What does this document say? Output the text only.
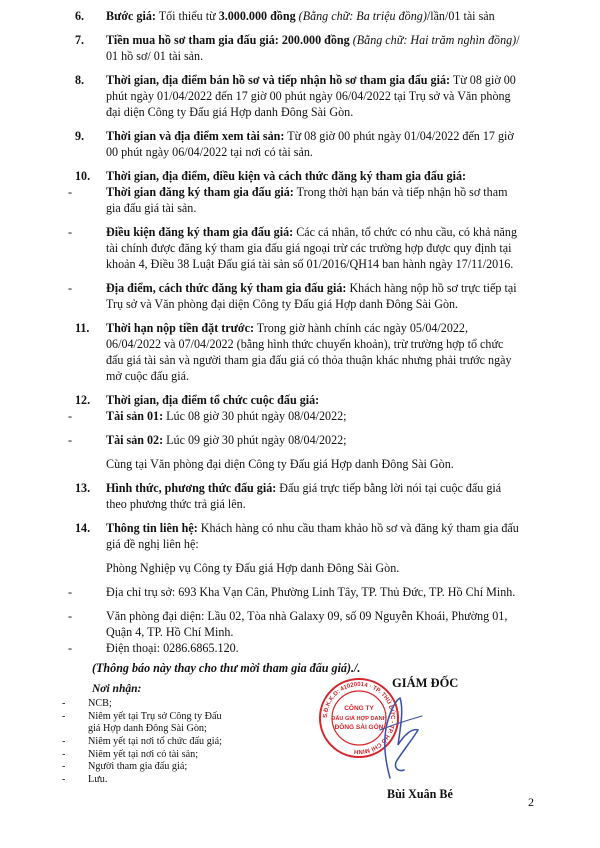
6. Bước giá: Tối thiểu từ 3.000.000 đồng (Bằng chữ: Ba triệu đồng)/lần/01 tài sản
7. Tiền mua hồ sơ tham gia đấu giá: 200.000 đồng (Bằng chữ: Hai trăm nghìn đồng)/
01 hồ sơ/ 01 tài sản.
8. Thời gian, địa điểm bán hồ sơ và tiếp nhận hồ sơ tham gia đấu giá: Từ 08 giờ 00
phút ngày 01/04/2022 đến 17 giờ 00 phút ngày 06/04/2022 tại Trụ sở và Văn phòng
đại diện Công ty Đấu giá Hợp danh Đông Sài Gòn.
9. Thời gian và địa điểm xem tài sản: Từ 08 giờ 00 phút ngày 01/04/2022 đến 17 giờ
00 phút ngày 06/04/2022 tại nơi có tài sản.
10. Thời gian, địa điểm, điều kiện và cách thức đăng ký tham gia đấu giá:
-	Thời gian đăng ký tham gia đấu giá: Trong thời hạn bán và tiếp nhận hồ sơ tham
gia đấu giá tài sản.
-	Điều kiện đăng ký tham gia đấu giá: Các cá nhân, tổ chức có nhu cầu, có khả năng
tài chính được đăng ký tham gia đấu giá ngoại trừ các trường hợp được quy định tại
khoản 4, Điều 38 Luật Đấu giá tài sản số 01/2016/QH14 ban hành ngày 17/11/2016.
-	Địa điểm, cách thức đăng ký tham gia đấu giá: Khách hàng nộp hồ sơ trực tiếp tại
Trụ sở và Văn phòng đại diện Công ty Đấu giá Hợp danh Đông Sài Gòn.
11. Thời hạn nộp tiền đặt trước: Trong giờ hành chính các ngày 05/04/2022,
06/04/2022 và 07/04/2022 (bằng hình thức chuyển khoản), trừ trường hợp tổ chức
đấu giá tài sản và người tham gia đấu giá có thỏa thuận khác nhưng phải trước ngày
mở cuộc đấu giá.
12. Thời gian, địa điểm tổ chức cuộc đấu giá:
-	Tài sản 01: Lúc 08 giờ 30 phút ngày 08/04/2022;
-	Tài sản 02: Lúc 09 giờ 30 phút ngày 08/04/2022;
Cùng tại Văn phòng đại diện Công ty Đấu giá Hợp danh Đông Sài Gòn.
13. Hình thức, phương thức đấu giá: Đấu giá trực tiếp bằng lời nói tại cuộc đấu giá
theo phương thức trả giá lên.
14. Thông tin liên hệ: Khách hàng có nhu cầu tham khảo hồ sơ và đăng ký tham gia đấu
giá đề nghị liên hệ:
Phòng Nghiệp vụ Công ty Đấu giá Hợp danh Đông Sài Gòn.
-	Địa chỉ trụ sở: 693 Kha Vạn Cân, Phường Linh Tây, TP. Thủ Đức, TP. Hồ Chí Minh.
-	Văn phòng đại diện: Lầu 02, Tòa nhà Galaxy 09, số 09 Nguyễn Khoái, Phường 01,
Quận 4, TP. Hồ Chí Minh.
-	Điện thoại: 0286.6865.120.
(Thông báo này thay cho thư mời tham gia đấu giá)./.
Nơi nhận:
- NCB;
- Niêm yết tại Trụ sở Công ty Đấu
giá Hợp danh Đông Sài Gòn;
- Niêm yết tại nơi tổ chức đấu giá;
- Niêm yết tại nơi có tài sản;
- Người tham gia đấu giá;
- Lưu.
GIÁM ĐỐC
S.Đ.K.K.D: 41020014 · TP. THỦ ĐỨC - TP. HỒ CHÍ MINH
CÔNG TY
ĐẤU GIÁ HỢP DANH
ĐÔNG SÀI GÒN
Bùi Xuân Bé
2
